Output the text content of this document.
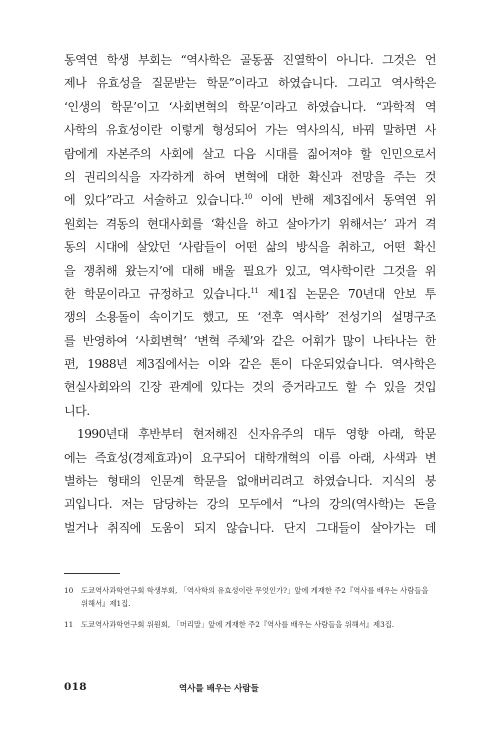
동역연 학생 부회는 “역사학은 골동품 진열학이 아니다. 그것은 언
제나 유효성을 질문받는 학문”이라고 하였습니다. 그리고 역사학은
‘인생의 학문’이고 ‘사회변혁의 학문’이라고 하였습니다. “과학적 역
사학의 유효성이란 이렇게 형성되어 가는 역사의식, 바꿔 말하면 사
람에게 자본주의 사회에 살고 다음 시대를 짊어져야 할 인민으로서
의 권리의식을 자각하게 하여 변혁에 대한 확신과 전망을 주는 것
에 있다”라고 서술하고 있습니다.$^{10}$ 이에 반해 제3집에서 동역연 위
원회는 격동의 현대사회를 ‘확신을 하고 살아가기 위해서는’ 과거 격
동의 시대에 살았던 ‘사람들이 어떤 삶의 방식을 취하고, 어떤 확신
을 쟁취해 왔는지’에 대해 배울 필요가 있고, 역사학이란 그것을 위
한 학문이라고 규정하고 있습니다.$^{11}$ 제1집 논문은 70년대 안보 투
쟁의 소용돌이 속이기도 했고, 또 ‘전후 역사학’ 전성기의 설명구조
를 반영하여 ‘사회변혁’ ‘변혁 주체’와 같은 어휘가 많이 나타나는 한
편, 1988년 제3집에서는 이와 같은 톤이 다운되었습니다. 역사학은
현실사회와의 긴장 관계에 있다는 것의 증거라고도 할 수 있을 것입
니다.
1990년대 후반부터 현저해진 신자유주의 대두 영향 아래, 학문
에는 즉효성(경제효과)이 요구되어 대학개혁의 이름 아래, 사색과 변
별하는 형태의 인문계 학문을 없애버리려고 하였습니다. 지식의 붕
괴입니다. 저는 담당하는 강의 모두에서 “나의 강의(역사학)는 돈을
벌거나 취직에 도움이 되지 않습니다. 단지 그대들이 살아가는 데
10 도쿄역사과학연구회 학생부회, 「역사학의 유효성이란 무엇인가?」앞에 게재한 주2『역사를 배우는 사람들을 위해서』제1집.
11 도쿄역사과학연구회 위원회, 「머리말」앞에 게재한 주2『역사를 배우는 사람들을 위해서』제3집.
018	역사를 배우는 사람들
